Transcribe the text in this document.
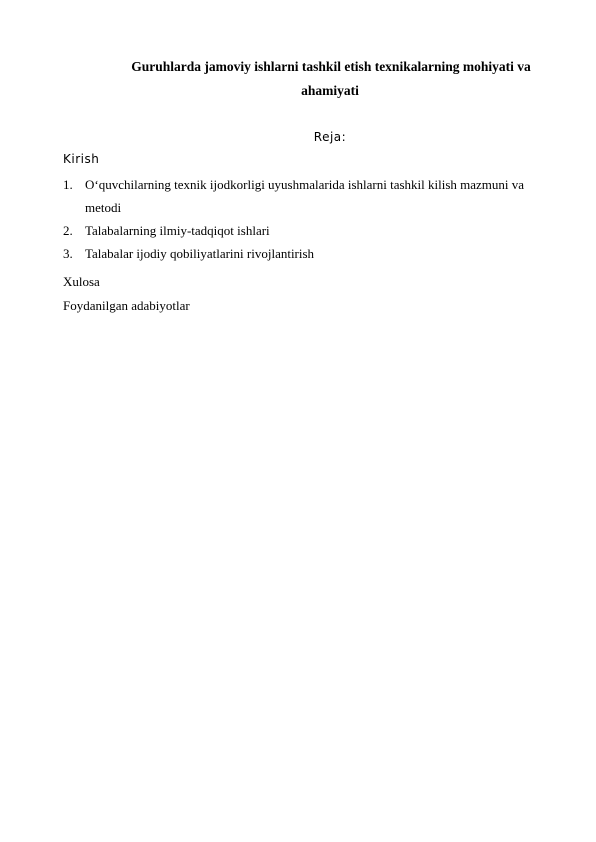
Guruhlarda jamoviy ishlarni tashkil etish texnikalarning mohiyati va
ahamiyati
Reja:
Kirish
1. O‘quvchilarning texnik ijodkorligi uyushmalarida ishlarni tashkil kilish mazmuni va metodi
2. Talabalarning ilmiy-tadqiqot ishlari
3. Talabalar ijodiy qobiliyatlarini rivojlantirish
Xulosa
Foydanilgan adabiyotlar
